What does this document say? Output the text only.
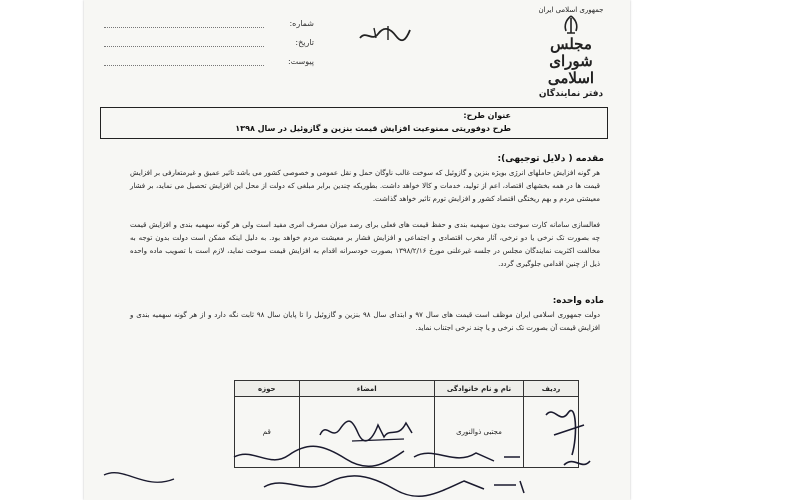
جمهوری اسلامی ایران
مجلس شورای اسلامی
دفتر نمایندگان
شماره:
تاریخ:
پیوست:
عنوان طرح:
طرح دوفوریتی ممنوعیت افزایش قیمت بنزین و گازوئیل در سال ۱۳۹۸
مقدمه ( دلایل توجیهی):
هر گونه افزایش حاملهای انرژی بویژه بنزین و گازوئیل که سوخت غالب ناوگان حمل و نقل عمومی و خصوصی کشور می باشد تاثیر عمیق و غیرمتعارفی بر افزایش قیمت ها در همه بخشهای اقتصاد، اعم از تولید، خدمات و کالا خواهد داشت. بطوریکه چندین برابر مبلغی که دولت از محل این افزایش تحصیل می نماید، بر فشار معیشتی مردم و بهم ریختگی اقتصاد کشور و افزایش تورم تاثیر خواهد گذاشت.
فعالسازی سامانه کارت سوخت بدون سهمیه بندی و حفظ قیمت های فعلی برای رصد میزان مصرف امری مفید است ولی هر گونه سهمیه بندی و افزایش قیمت چه بصورت تک نرخی یا دو نرخی، آثار مخرب اقتصادی و اجتماعی و افزایش فشار بر معیشت مردم خواهد بود. به دلیل اینکه ممکن است دولت بدون توجه به مخالفت اکثریت نمایندگان مجلس در جلسه غیرعلنی مورخ ۱۳۹۸/۲/۱۶ بصورت خودسرانه اقدام به افزایش قیمت سوخت نماید، لازم است با تصویب ماده واحده ذیل از چنین اقدامی جلوگیری گردد.
ماده واحده:
دولت جمهوری اسلامی ایران موظف است قیمت های سال ۹۷ و ابتدای سال ۹۸ بنزین و گازوئیل را تا پایان سال ۹۸ ثابت نگه دارد و از هر گونه سهمیه بندی و افزایش قیمت آن بصورت تک نرخی و یا چند نرخی اجتناب نماید.
ردیف	نام و نام خانوادگی	امضاء	حوزه
	مجتبی ذوالنوری		قم
